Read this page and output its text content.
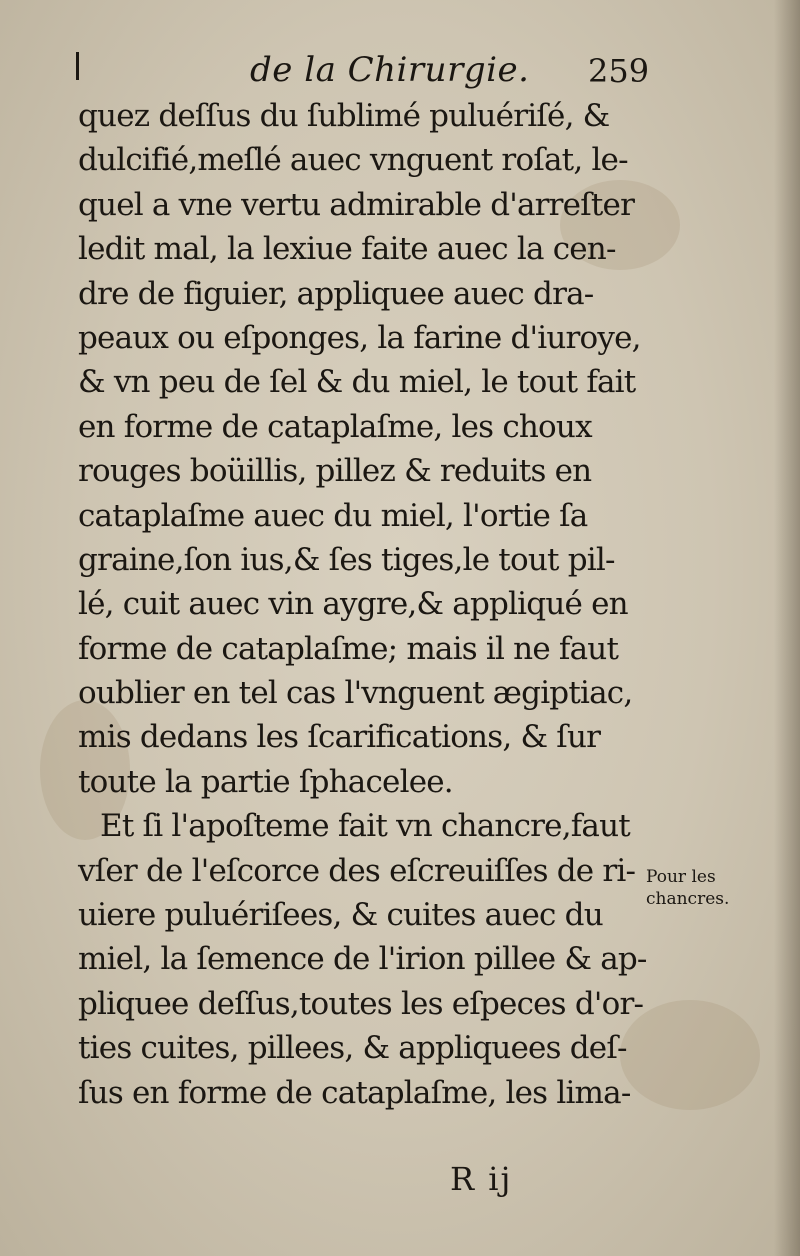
de la Chirurgie. 259
quez deſſus du ſublimé puluériſé, &
dulcifié,meſlé auec vnguent roſat, le-
quel a vne vertu admirable d'arreſter
ledit mal, la lexiue faite auec la cen-
dre de figuier, appliquee auec dra-
peaux ou eſponges, la farine d'iuroye,
& vn peu de ſel & du miel, le tout fait
en forme de cataplaſme, les choux
rouges boüillis, pillez & reduits en
cataplaſme auec du miel, l'ortie ſa
graine,ſon ius,& ſes tiges,le tout pil-
lé, cuit auec vin aygre,& appliqué en
forme de cataplaſme; mais il ne faut
oublier en tel cas l'vnguent ægiptiac,
mis dedans les ſcarifications, & ſur
toute la partie ſphacelee.
Et ſi l'apoſteme fait vn chancre,faut
vſer de l'eſcorce des eſcreuiſſes de ri-
uiere puluériſees, & cuites auec du
miel, la ſemence de l'irion pillee & ap-
pliquee deſſus,toutes les eſpeces d'or-
ties cuites, pillees, & appliquees deſ-
ſus en forme de cataplaſme, les lima-
Pour les
chancres.
R ij
